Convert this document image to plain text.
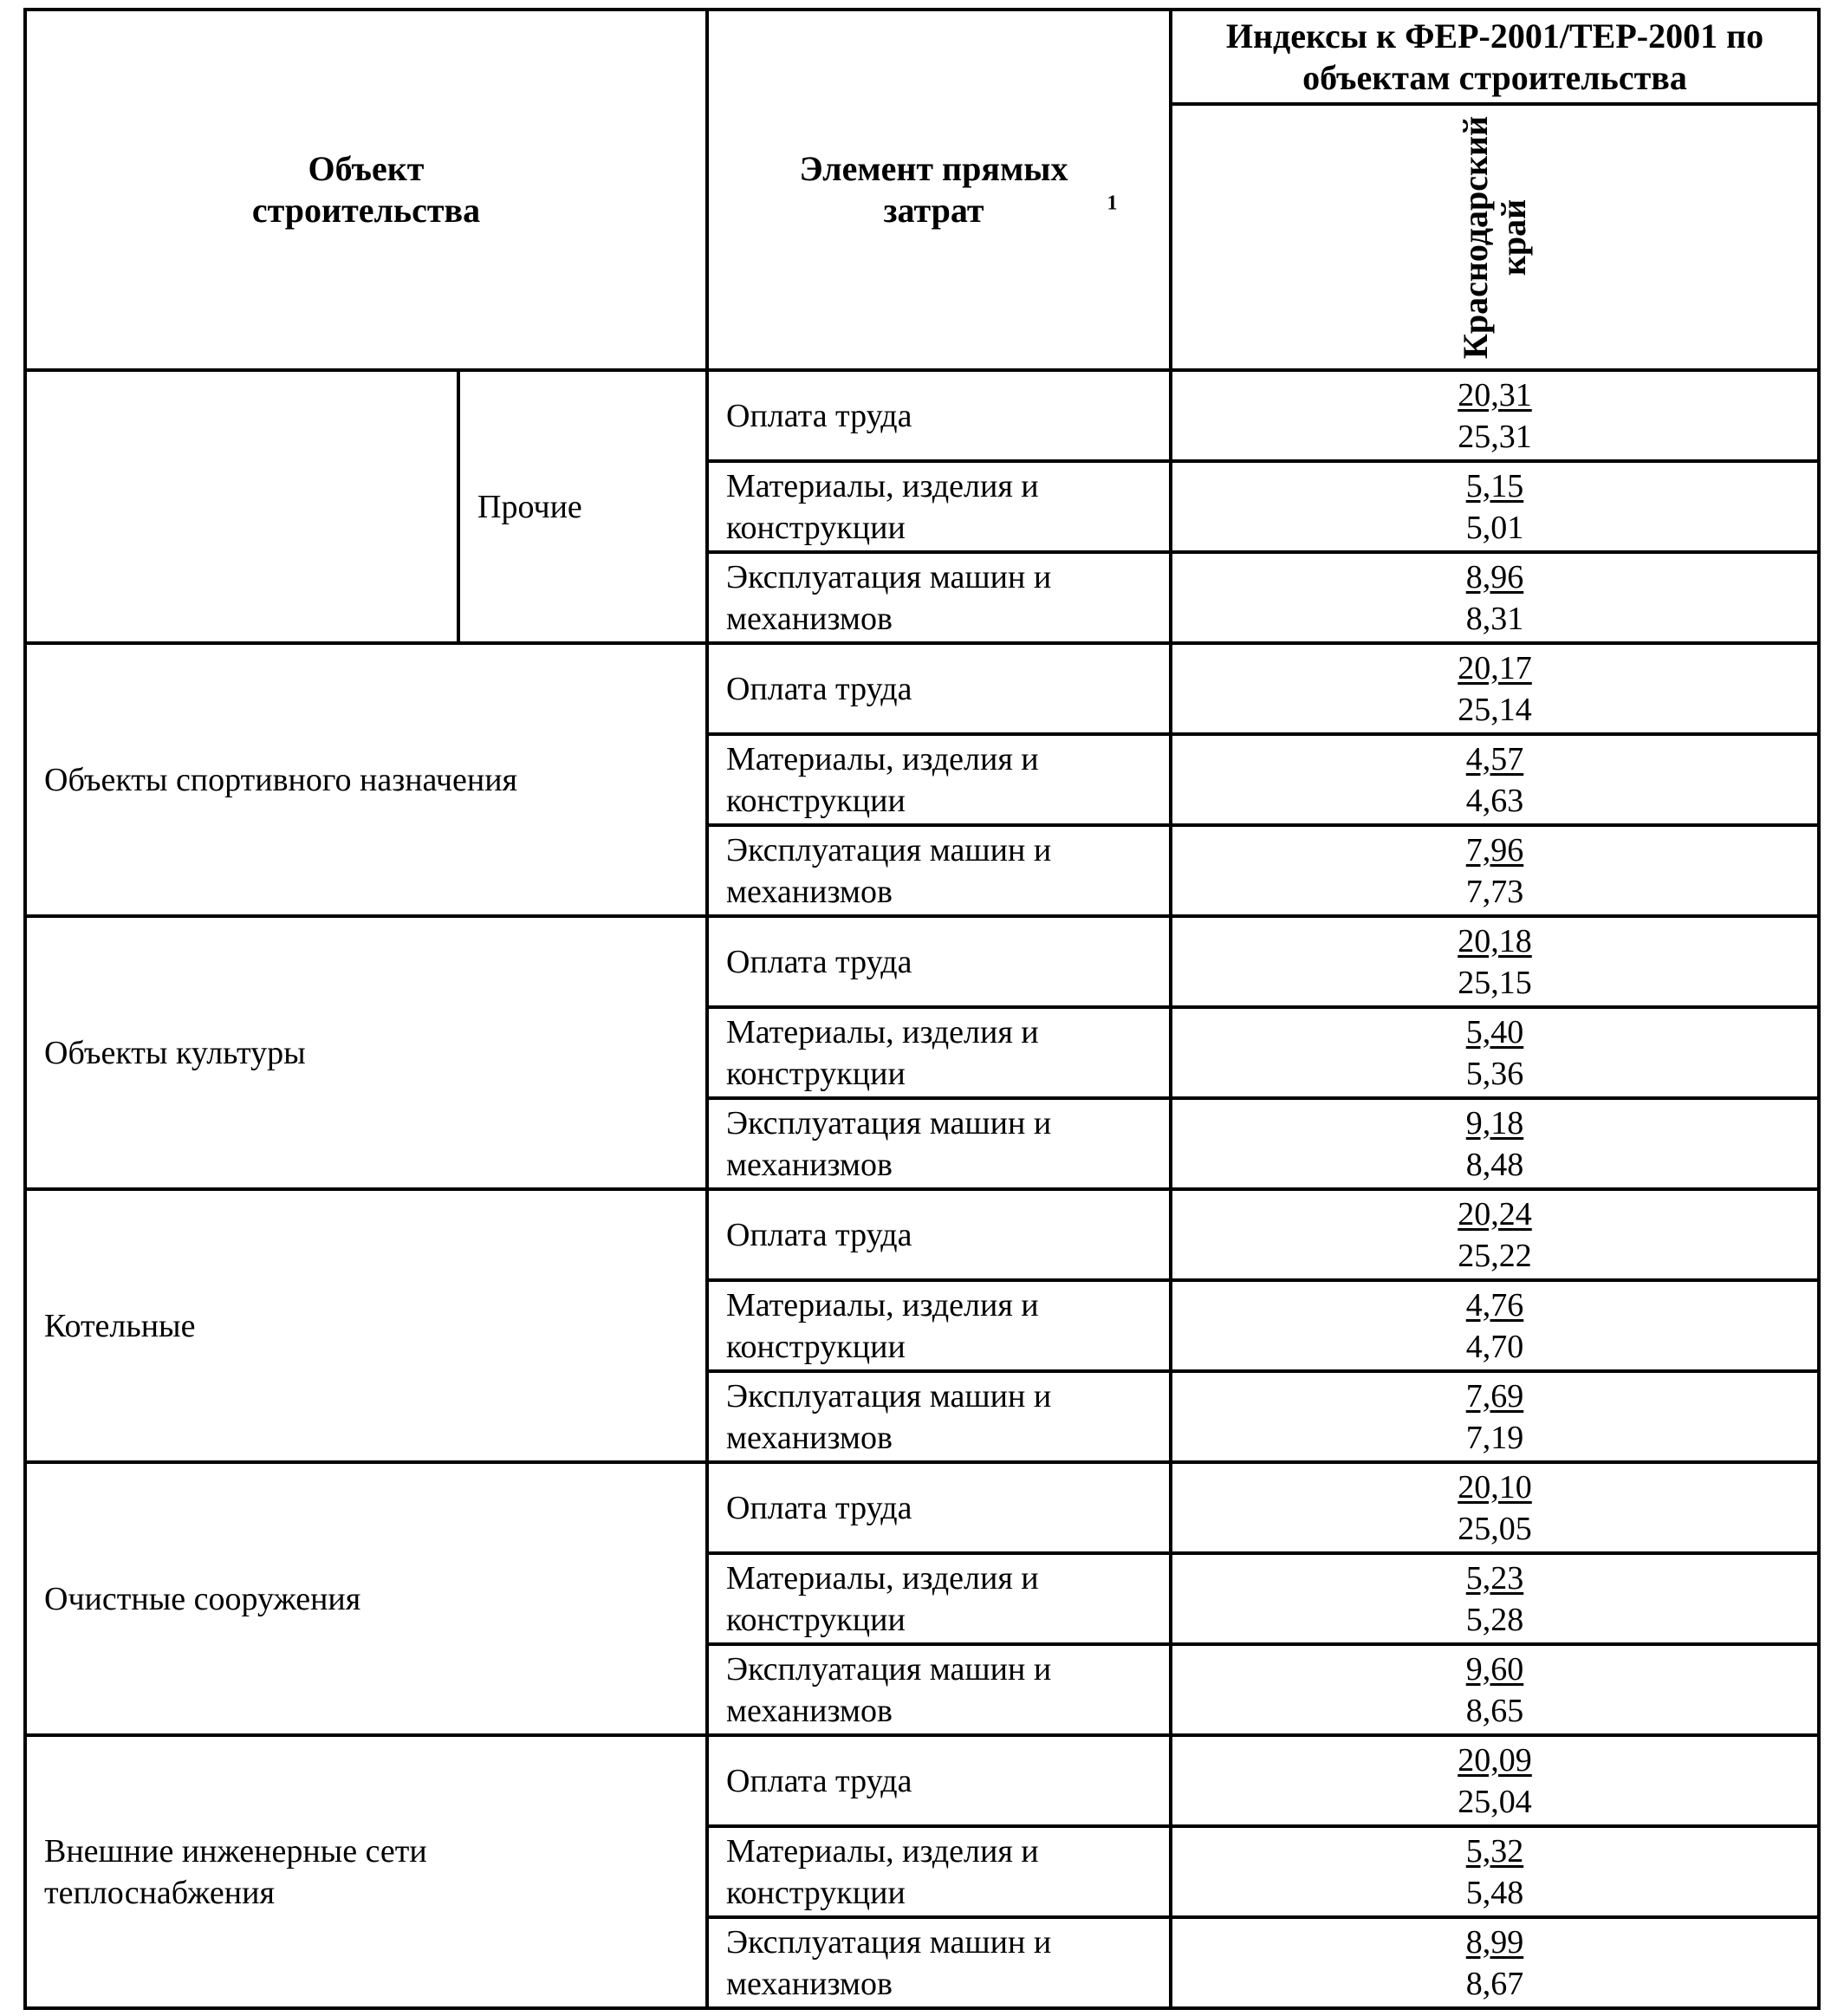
Объект строительства		Элемент прямых затрат $^1$	Индексы к ФЕР-2001/ТЕР-2001 по объектам строительства

			Краснодарский край

	Прочие	Оплата труда	20,31
25,31

		Материалы, изделия и конструкции	5,15
5,01

		Эксплуатация машин и механизмов	8,96
8,31

Объекты спортивного назначения		Оплата труда	20,17
25,14

		Материалы, изделия и конструкции	4,57
4,63

		Эксплуатация машин и механизмов	7,96
7,73

Объекты культуры		Оплата труда	20,18
25,15

		Материалы, изделия и конструкции	5,40
5,36

		Эксплуатация машин и механизмов	9,18
8,48

Котельные		Оплата труда	20,24
25,22

		Материалы, изделия и конструкции	4,76
4,70

		Эксплуатация машин и механизмов	7,69
7,19

Очистные сооружения		Оплата труда	20,10
25,05

		Материалы, изделия и конструкции	5,23
5,28

		Эксплуатация машин и механизмов	9,60
8,65

Внешние инженерные сети теплоснабжения		Оплата труда	20,09
25,04

		Материалы, изделия и конструкции	5,32
5,48

		Эксплуатация машин и механизмов	8,99
8,67
